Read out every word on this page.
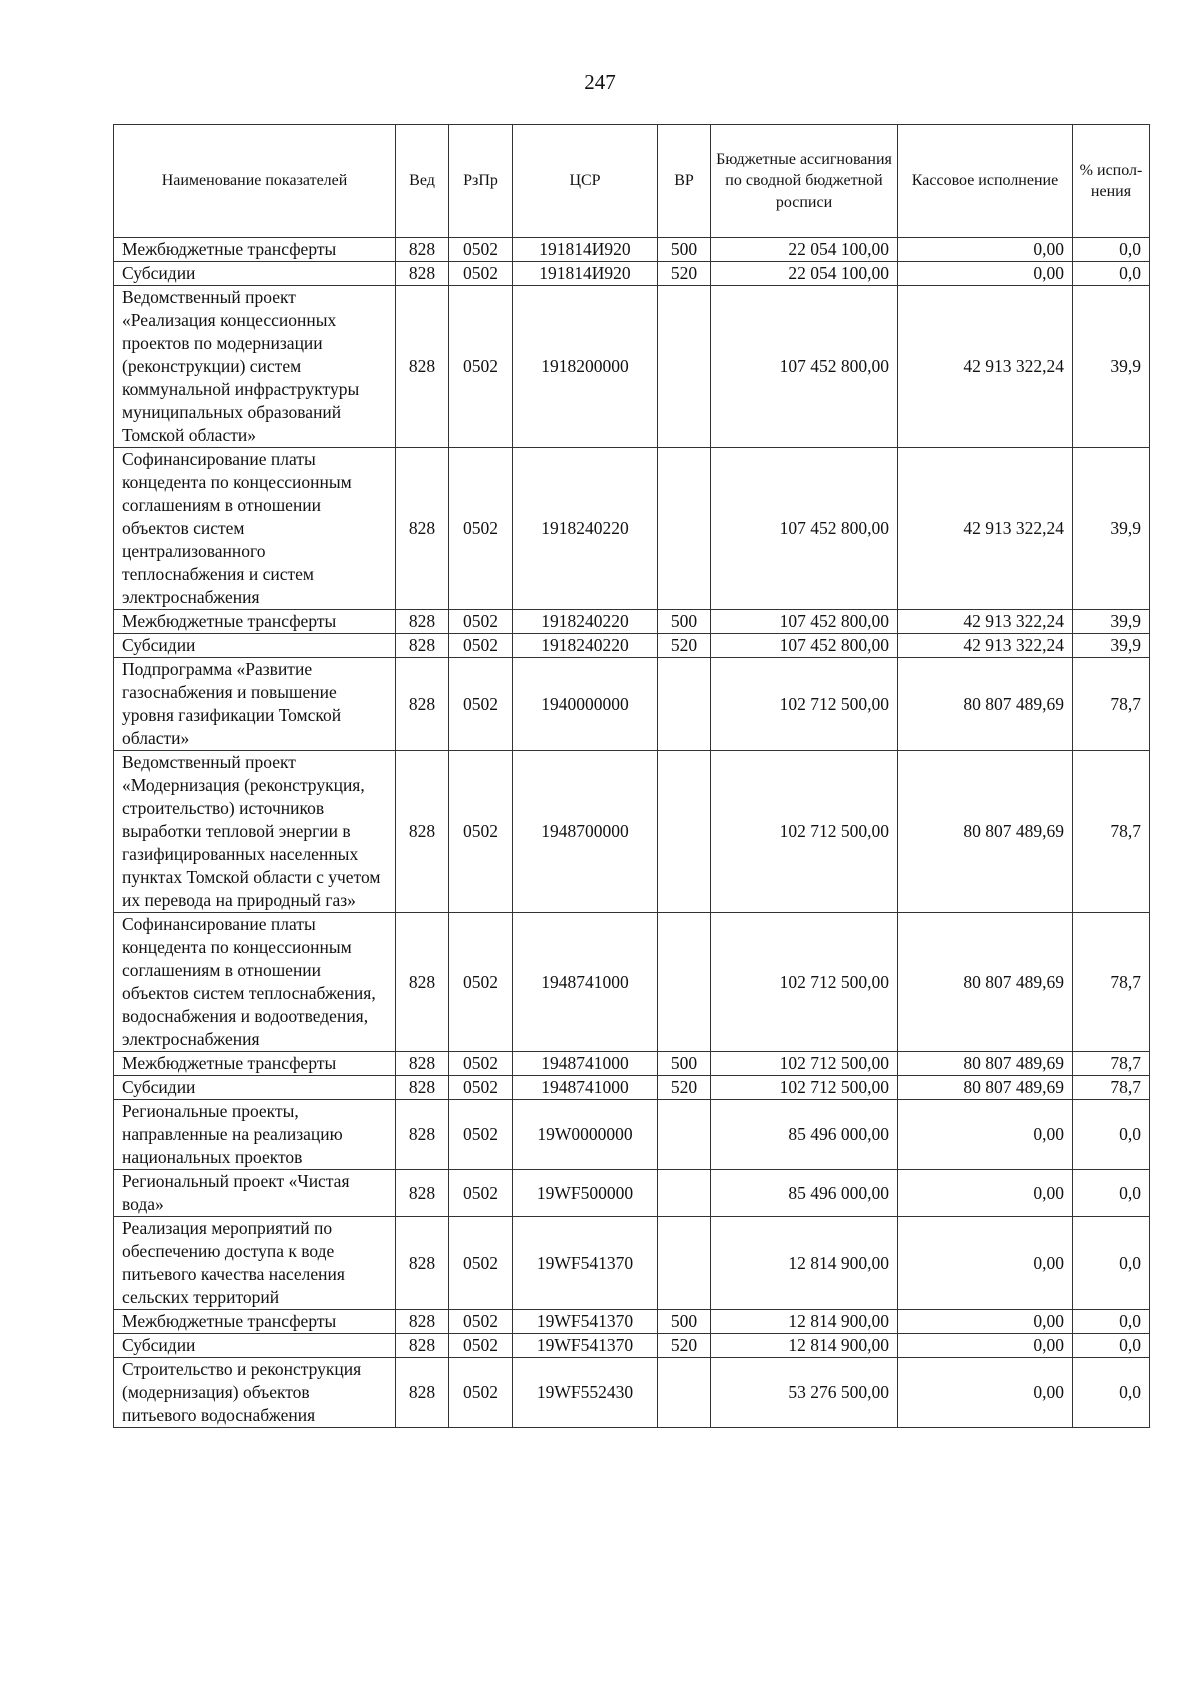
247
Наименование показателей	Вед	РзПр	ЦСР	ВР	Бюджетные ассигнования по сводной бюджетной росписи	Кассовое исполнение	% испол-нения
Межбюджетные трансферты	828	0502	191814И920	500	22 054 100,00	0,00	0,0
Субсидии	828	0502	191814И920	520	22 054 100,00	0,00	0,0
Ведомственный проект «Реализация концессионных проектов по модернизации (реконструкции) систем коммунальной инфраструктуры муниципальных образований Томской области»	828	0502	1918200000		107 452 800,00	42 913 322,24	39,9
Софинансирование платы концедента по концессионным соглашениям в отношении объектов систем централизованного теплоснабжения и систем электроснабжения	828	0502	1918240220		107 452 800,00	42 913 322,24	39,9
Межбюджетные трансферты	828	0502	1918240220	500	107 452 800,00	42 913 322,24	39,9
Субсидии	828	0502	1918240220	520	107 452 800,00	42 913 322,24	39,9
Подпрограмма «Развитие газоснабжения и повышение уровня газификации Томской области»	828	0502	1940000000		102 712 500,00	80 807 489,69	78,7
Ведомственный проект «Модернизация (реконструкция, строительство) источников выработки тепловой энергии в газифицированных населенных пунктах Томской области с учетом их перевода на природный газ»	828	0502	1948700000		102 712 500,00	80 807 489,69	78,7
Софинансирование платы концедента по концессионным соглашениям в отношении объектов систем теплоснабжения, водоснабжения и водоотведения, электроснабжения	828	0502	1948741000		102 712 500,00	80 807 489,69	78,7
Межбюджетные трансферты	828	0502	1948741000	500	102 712 500,00	80 807 489,69	78,7
Субсидии	828	0502	1948741000	520	102 712 500,00	80 807 489,69	78,7
Региональные проекты, направленные на реализацию национальных проектов	828	0502	19W0000000		85 496 000,00	0,00	0,0
Региональный проект «Чистая вода»	828	0502	19WF500000		85 496 000,00	0,00	0,0
Реализация мероприятий по обеспечению доступа к воде питьевого качества населения сельских территорий	828	0502	19WF541370		12 814 900,00	0,00	0,0
Межбюджетные трансферты	828	0502	19WF541370	500	12 814 900,00	0,00	0,0
Субсидии	828	0502	19WF541370	520	12 814 900,00	0,00	0,0
Строительство и реконструкция (модернизация) объектов питьевого водоснабжения	828	0502	19WF552430		53 276 500,00	0,00	0,0
